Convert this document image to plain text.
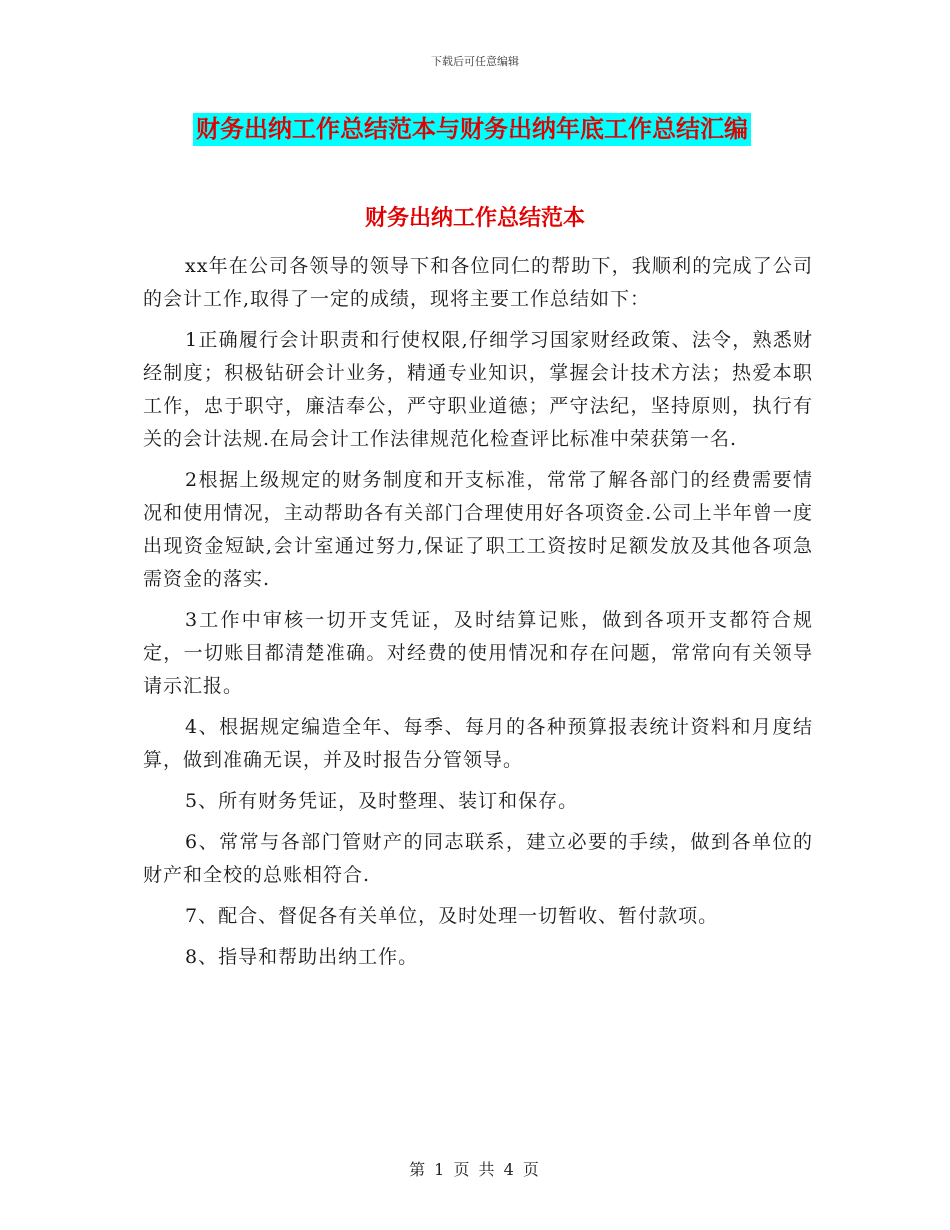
下载后可任意编辑
财务出纳工作总结范本与财务出纳年底工作总结汇编
财务出纳工作总结范本

xx年在公司各领导的领导下和各位同仁的帮助下，我顺利的完成了公司的会计工作,取得了一定的成绩，现将主要工作总结如下：

1正确履行会计职责和行使权限,仔细学习国家财经政策、法令，熟悉财经制度；积极钻研会计业务，精通专业知识，掌握会计技术方法；热爱本职工作，忠于职守，廉洁奉公，严守职业道德；严守法纪，坚持原则，执行有关的会计法规.在局会计工作法律规范化检查评比标准中荣获第一名.

2根据上级规定的财务制度和开支标准，常常了解各部门的经费需要情况和使用情况，主动帮助各有关部门合理使用好各项资金.公司上半年曾一度出现资金短缺,会计室通过努力,保证了职工工资按时足额发放及其他各项急需资金的落实.

3工作中审核一切开支凭证，及时结算记账，做到各项开支都符合规定，一切账目都清楚准确。对经费的使用情况和存在问题，常常向有关领导请示汇报。

4、根据规定编造全年、每季、每月的各种预算报表统计资料和月度结算，做到准确无误，并及时报告分管领导。

5、所有财务凭证，及时整理、装订和保存。

6、常常与各部门管财产的同志联系，建立必要的手续，做到各单位的财产和全校的总账相符合.

7、配合、督促各有关单位，及时处理一切暂收、暂付款项。

8、指导和帮助出纳工作。

第 1 页 共 4 页
